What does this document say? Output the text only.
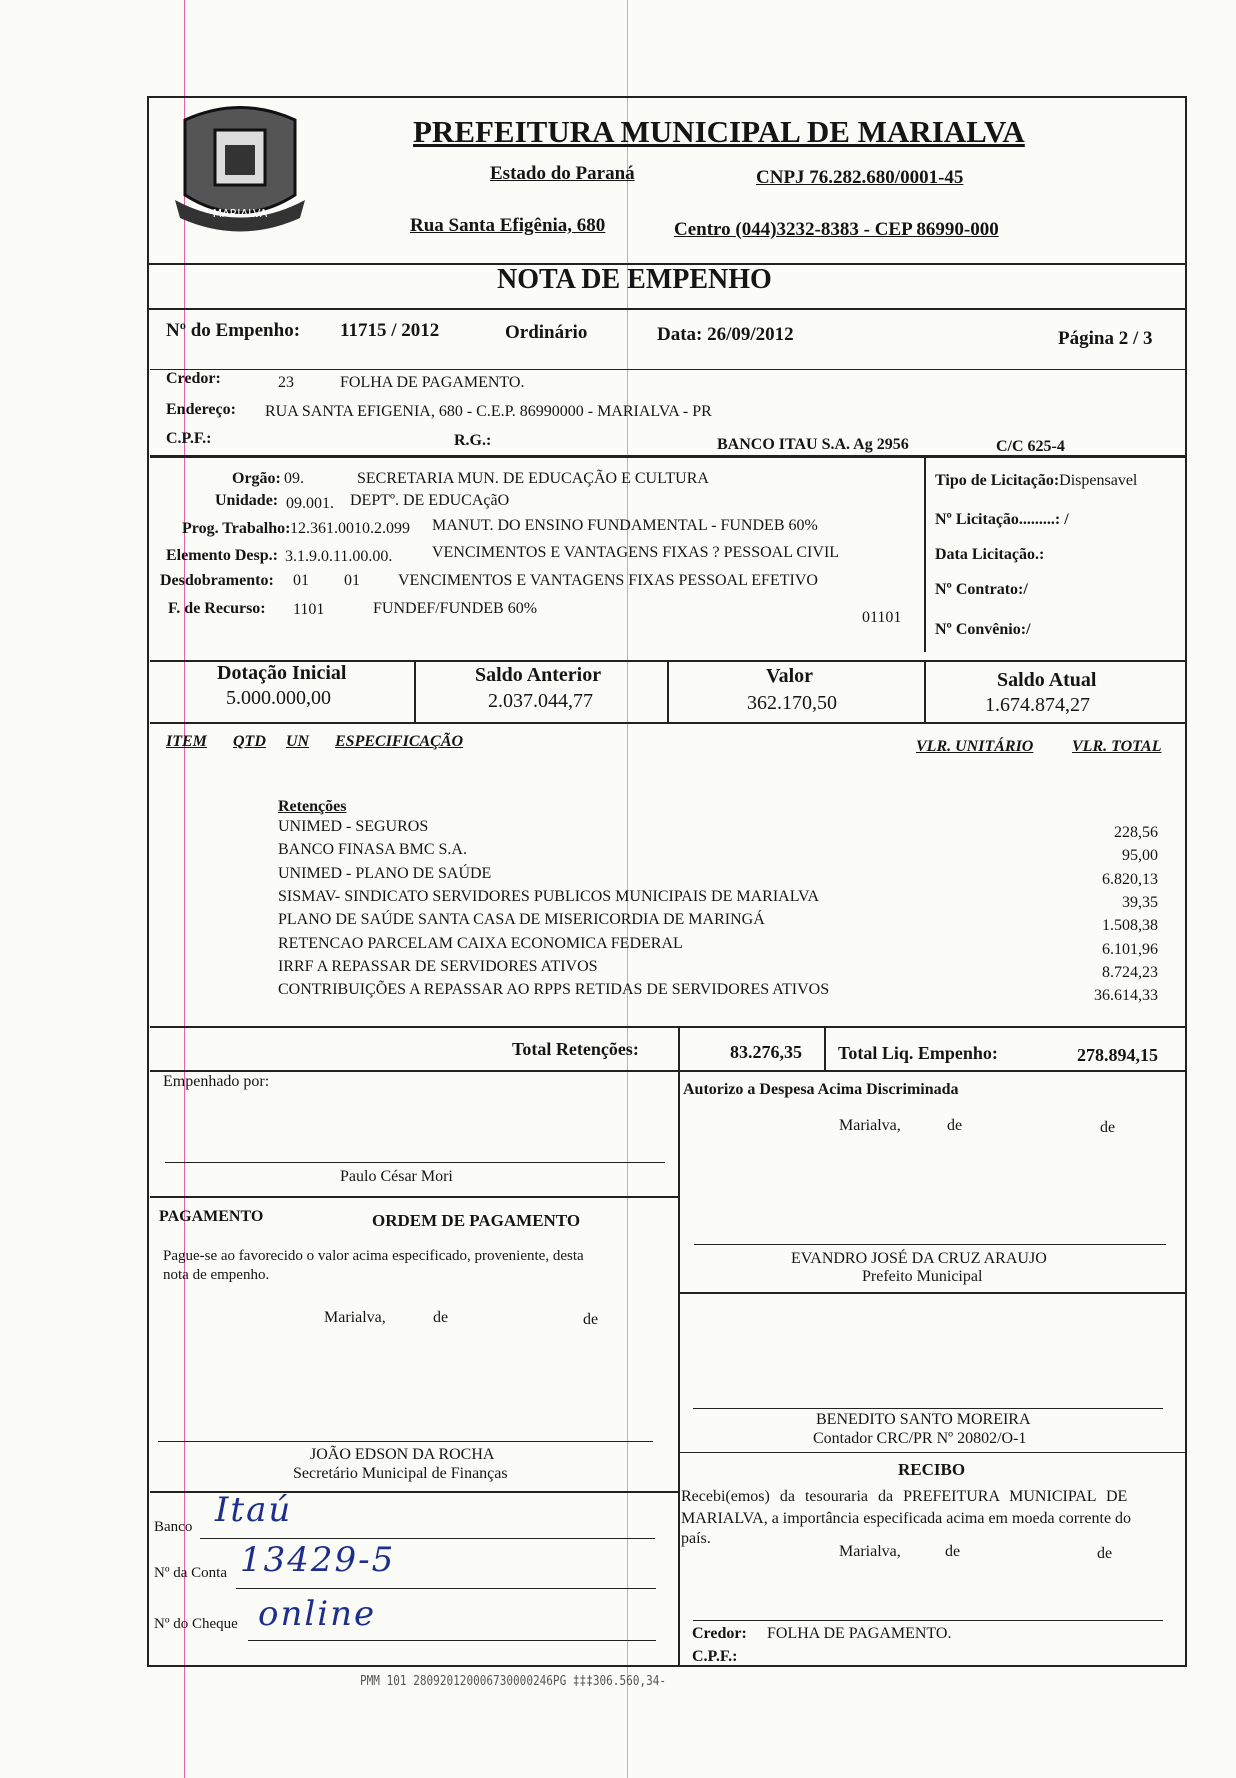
MARIALVA
PREFEITURA MUNICIPAL DE MARIALVA
Estado do Paraná	CNPJ 76.282.680/0001-45
Rua Santa Efigênia, 680	Centro (044)3232-8383 - CEP 86990-000
NOTA DE EMPENHO
Nº do Empenho: 11715 / 2012	Ordinário	Data: 26/09/2012	Página 2 / 3
Credor:	23	FOLHA DE PAGAMENTO.
Endereço: RUA SANTA EFIGENIA, 680 - C.E.P. 86990000 - MARIALVA - PR
C.P.F.:	R.G.:	BANCO ITAU S.A. Ag 2956	C/C 625-4
Orgão: 09.	SECRETARIA MUN. DE EDUCAÇÃO E CULTURA
Unidade: 09.001. DEPTº. DE EDUCAçãO
Prog. Trabalho: 12.361.0010.2.099 MANUT. DO ENSINO FUNDAMENTAL - FUNDEB 60%
Elemento Desp.: 3.1.9.0.11.00.00. VENCIMENTOS E VANTAGENS FIXAS ? PESSOAL CIVIL
Desdobramento: 01 01 VENCIMENTOS E VANTAGENS FIXAS PESSOAL EFETIVO
F. de Recurso: 1101	FUNDEF/FUNDEB 60%
01101
Tipo de Licitação:Dispensavel
Nº Licitação.........: /
Data Licitação.:
Nº Contrato:/
Nº Convênio:/
Dotação Inicial
5.000.000,00
Saldo Anterior
2.037.044,77
Valor
362.170,50
Saldo Atual
1.674.874,27
ITEM QTD UN ESPECIFICAÇÃO	VLR. UNITÁRIO VLR. TOTAL
Retenções
UNIMED - SEGUROS	228,56
BANCO FINASA BMC S.A.	95,00
UNIMED - PLANO DE SAÚDE	6.820,13
SISMAV- SINDICATO SERVIDORES PUBLICOS MUNICIPAIS DE MARIALVA	39,35
PLANO DE SAÚDE SANTA CASA DE MISERICORDIA DE MARINGÁ	1.508,38
RETENCAO PARCELAM CAIXA ECONOMICA FEDERAL	6.101,96
IRRF A REPASSAR DE SERVIDORES ATIVOS	8.724,23
CONTRIBUIÇÕES A REPASSAR AO RPPS RETIDAS DE SERVIDORES ATIVOS	36.614,33
Total Retenções:	83.276,35 Total Liq. Empenho:	278.894,15
Empenhado por:
Paulo César Mori
Autorizo a Despesa Acima Discriminada
Marialva,	de	de
EVANDRO JOSÉ DA CRUZ ARAUJO
Prefeito Municipal
PAGAMENTO	ORDEM DE PAGAMENTO
Pague-se ao favorecido o valor acima especificado, proveniente, desta
nota de empenho.
Marialva,	de	de
BENEDITO SANTO MOREIRA
Contador CRC/PR Nº 20802/O-1
JOÃO EDSON DA ROCHA
Secretário Municipal de Finanças	RECIBO
Recebi(emos) da tesouraria da PREFEITURA MUNICIPAL DE
MARIALVA, a importância especificada acima em moeda corrente do
país.
Marialva,	de	de
Credor: FOLHA DE PAGAMENTO.
C.P.F.:
Banco Itaú
Nº da Conta 13429-5
Nº do Cheque online
PMM 101 280920120006730000246PG ‡‡‡306.560,34-
